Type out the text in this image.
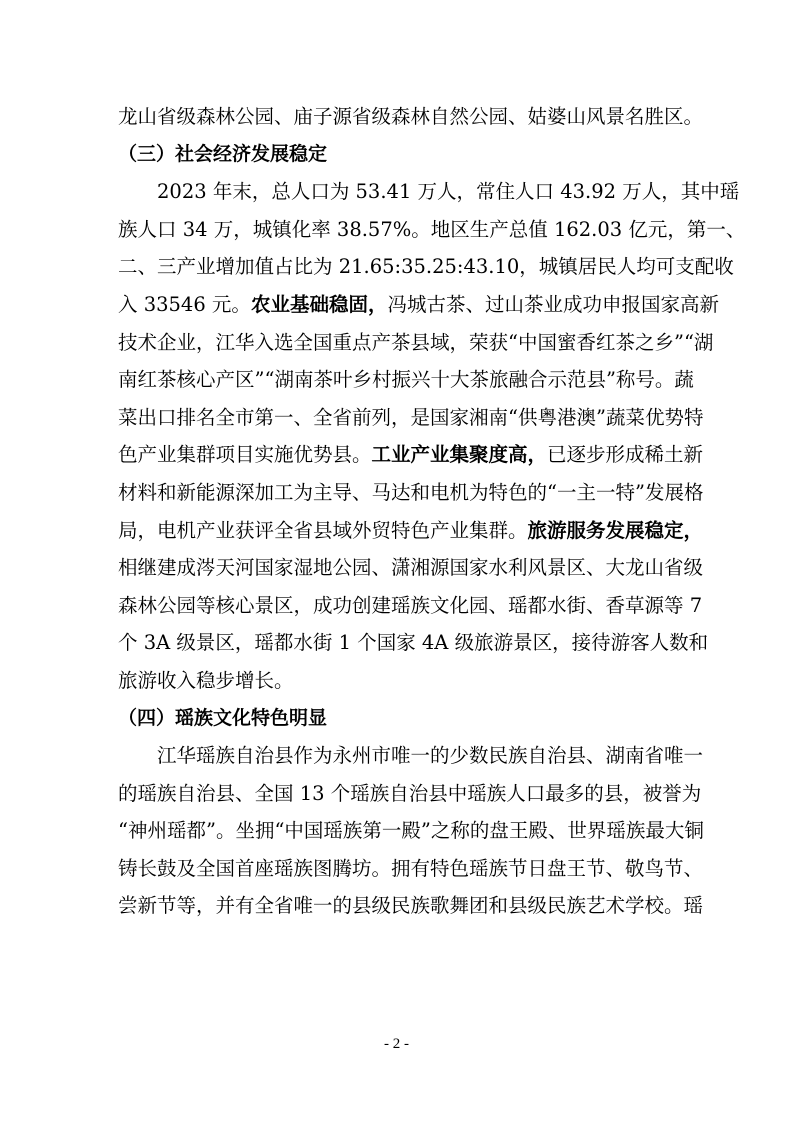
龙山省级森林公园、庙子源省级森林自然公园、姑婆山风景名胜区。
（三）社会经济发展稳定
2023 年末，总人口为 53.41 万人，常住人口 43.92 万人，其中瑶
族人口 34 万，城镇化率 38.57%。地区生产总值 162.03 亿元，第一、
二、三产业增加值占比为 21.65:35.25:43.10，城镇居民人均可支配收
入 33546 元。农业基础稳固，冯城古茶、过山茶业成功申报国家高新
技术企业，江华入选全国重点产茶县域，荣获“中国蜜香红茶之乡”“湖
南红茶核心产区”“湖南茶叶乡村振兴十大茶旅融合示范县”称号。蔬
菜出口排名全市第一、全省前列，是国家湘南“供粤港澳”蔬菜优势特
色产业集群项目实施优势县。工业产业集聚度高，已逐步形成稀土新
材料和新能源深加工为主导、马达和电机为特色的“一主一特”发展格
局，电机产业获评全省县域外贸特色产业集群。旅游服务发展稳定，
相继建成涔天河国家湿地公园、潇湘源国家水利风景区、大龙山省级
森林公园等核心景区，成功创建瑶族文化园、瑶都水街、香草源等 7
个 3A 级景区，瑶都水街 1 个国家 4A 级旅游景区，接待游客人数和
旅游收入稳步增长。
（四）瑶族文化特色明显
江华瑶族自治县作为永州市唯一的少数民族自治县、湖南省唯一
的瑶族自治县、全国 13 个瑶族自治县中瑶族人口最多的县，被誉为
“神州瑶都”。坐拥“中国瑶族第一殿”之称的盘王殿、世界瑶族最大铜
铸长鼓及全国首座瑶族图腾坊。拥有特色瑶族节日盘王节、敬鸟节、
尝新节等，并有全省唯一的县级民族歌舞团和县级民族艺术学校。瑶
- 2 -
